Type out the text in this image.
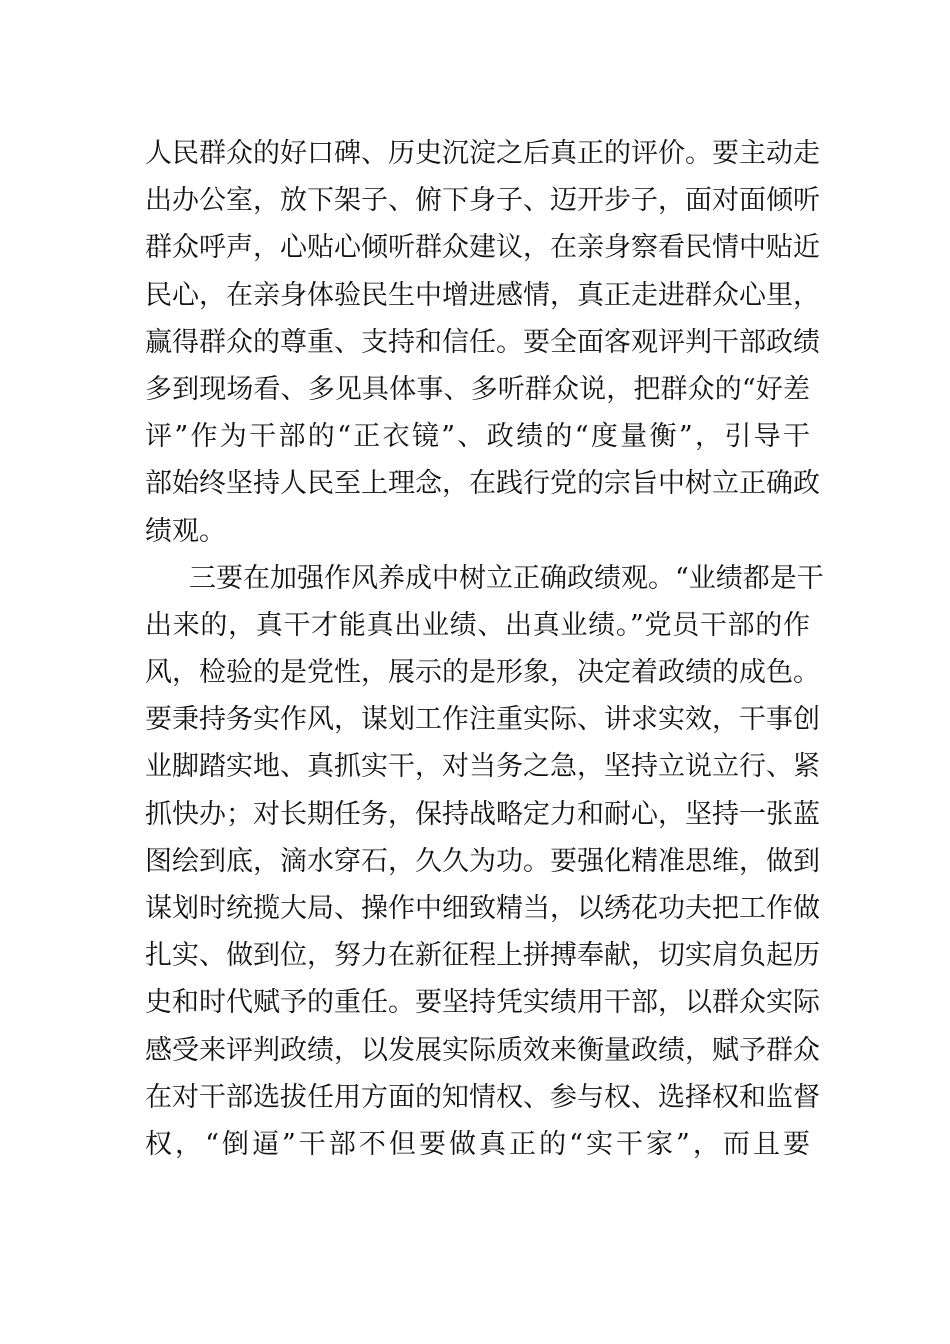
人民群众的好口碑、历史沉淀之后真正的评价。要主动走
出办公室，放下架子、俯下身子、迈开步子，面对面倾听
群众呼声，心贴心倾听群众建议，在亲身察看民情中贴近
民心，在亲身体验民生中增进感情，真正走进群众心里，
赢得群众的尊重、支持和信任。要全面客观评判干部政绩
多到现场看、多见具体事、多听群众说，把群众的“好差
评”作为干部的“正衣镜”、政绩的“度量衡”，引导干
部始终坚持人民至上理念，在践行党的宗旨中树立正确政
绩观。
三要在加强作风养成中树立正确政绩观。“业绩都是干
出来的，真干才能真出业绩、出真业绩。”党员干部的作
风，检验的是党性，展示的是形象，决定着政绩的成色。
要秉持务实作风，谋划工作注重实际、讲求实效，干事创
业脚踏实地、真抓实干，对当务之急，坚持立说立行、紧
抓快办；对长期任务，保持战略定力和耐心，坚持一张蓝
图绘到底，滴水穿石，久久为功。要强化精准思维，做到
谋划时统揽大局、操作中细致精当，以绣花功夫把工作做
扎实、做到位，努力在新征程上拼搏奉献，切实肩负起历
史和时代赋予的重任。要坚持凭实绩用干部，以群众实际
感受来评判政绩，以发展实际质效来衡量政绩，赋予群众
在对干部选拔任用方面的知情权、参与权、选择权和监督
权，“倒逼”干部不但要做真正的“实干家”，而且要
